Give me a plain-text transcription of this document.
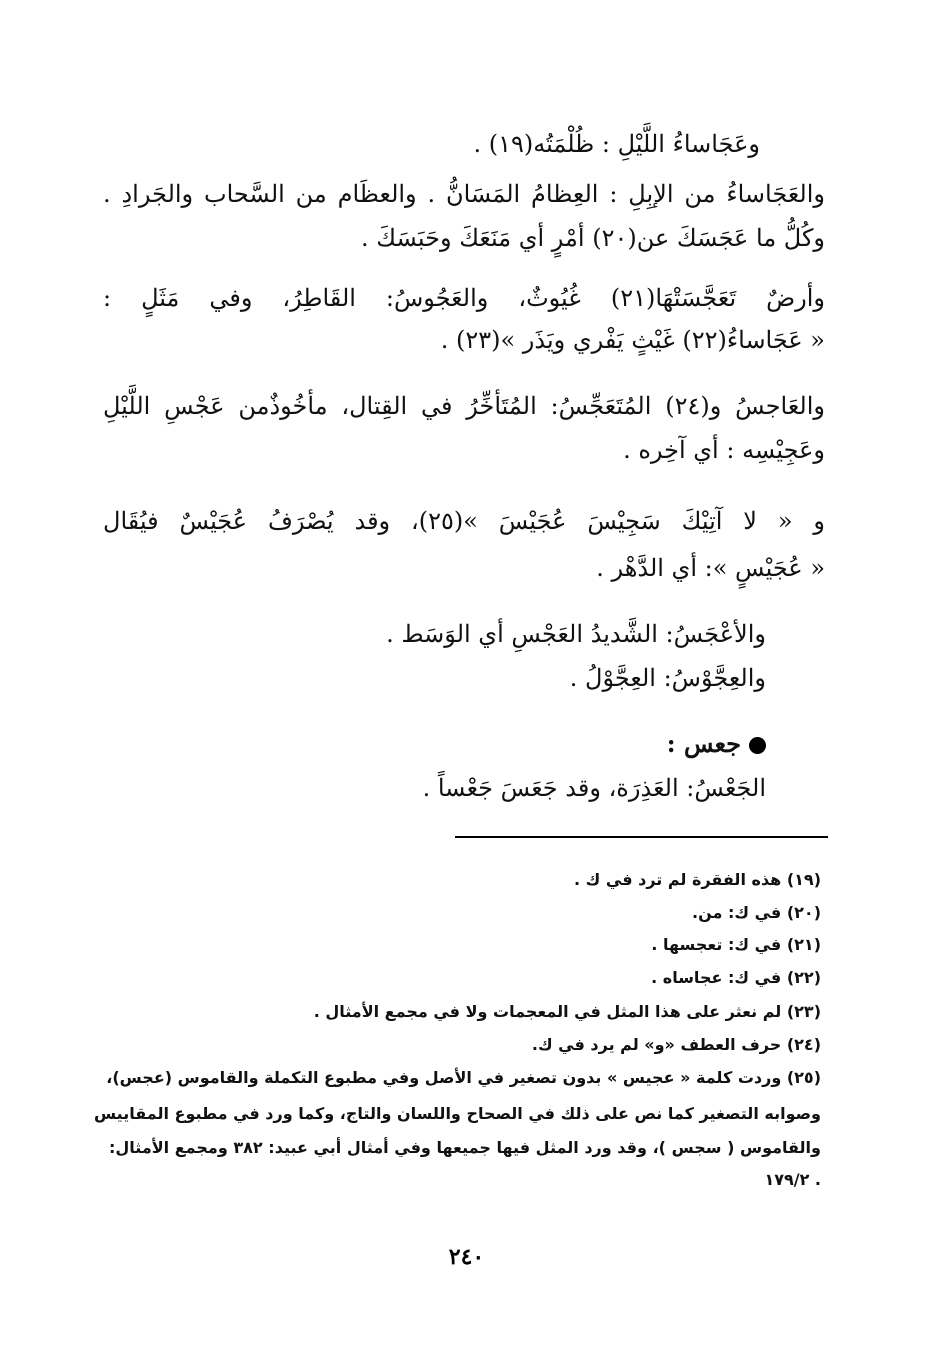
وعَجَاساءُ اللَّيْلِ : ظُلْمَتُه(١٩) .
والعَجَاساءُ من الإبِلِ : العِظامُ المَسَانُّ . والعظَام من السَّحاب والجَرادِ .
وكُلُّ ما عَجَسَكَ عن(٢٠) أمْرٍ أي مَنَعَكَ وحَبَسَكَ .
وأرضٌ تَعَجَّسَتْهَا(٢١) غُيُوثٌ، والعَجُوسُ: القَاطِرُ، وفي مَثَلٍ :
« عَجَاساءُ(٢٢) غَيْثٍ يَفْري ويَذَر »(٢٣) .
والعَاجسُ و(٢٤) المُتَعَجِّسُ: المُتَأخِّرُ في القِتال، مأخُوذٌمن عَجْسِ اللَّيْلِ
وعَجِيْسِه : أي آخِره .
و « لا آتِيْكَ سَجِيْسَ عُجَيْسَ »(٢٥)، وقد يُصْرَفُ عُجَيْسٌ فيُقَال
« عُجَيْسٍ »: أي الدَّهْر .
والأعْجَسُ: الشَّديدُ العَجْسِ أي الوَسَط .
والعِجَّوْسُ: العِجَّوْلُ .
جعس :
الجَعْسُ: العَذِرَة، وقد جَعَسَ جَعْساً .
(١٩) هذه الفقرة لم ترد في ك .
(٢٠) في ك: من.
(٢١) في ك: تعجسها .
(٢٢) في ك: عجاساه .
(٢٣) لم نعثر على هذا المثل في المعجمات ولا في مجمع الأمثال .
(٢٤) حرف العطف «و» لم يرد في ك.
(٢٥) وردت كلمة « عجيس » بدون تصغير في الأصل وفي مطبوع التكملة والقاموس (عجس)،
وصوابه التصغير كما نص على ذلك في الصحاح واللسان والتاج، وكما ورد في مطبوع المقاييس
والقاموس ( سجس )، وقد ورد المثل فيها جميعها وفي أمثال أبي عبيد: ٣٨٢ ومجمع الأمثال:
١٧٩/٢ .
٢٤٠
